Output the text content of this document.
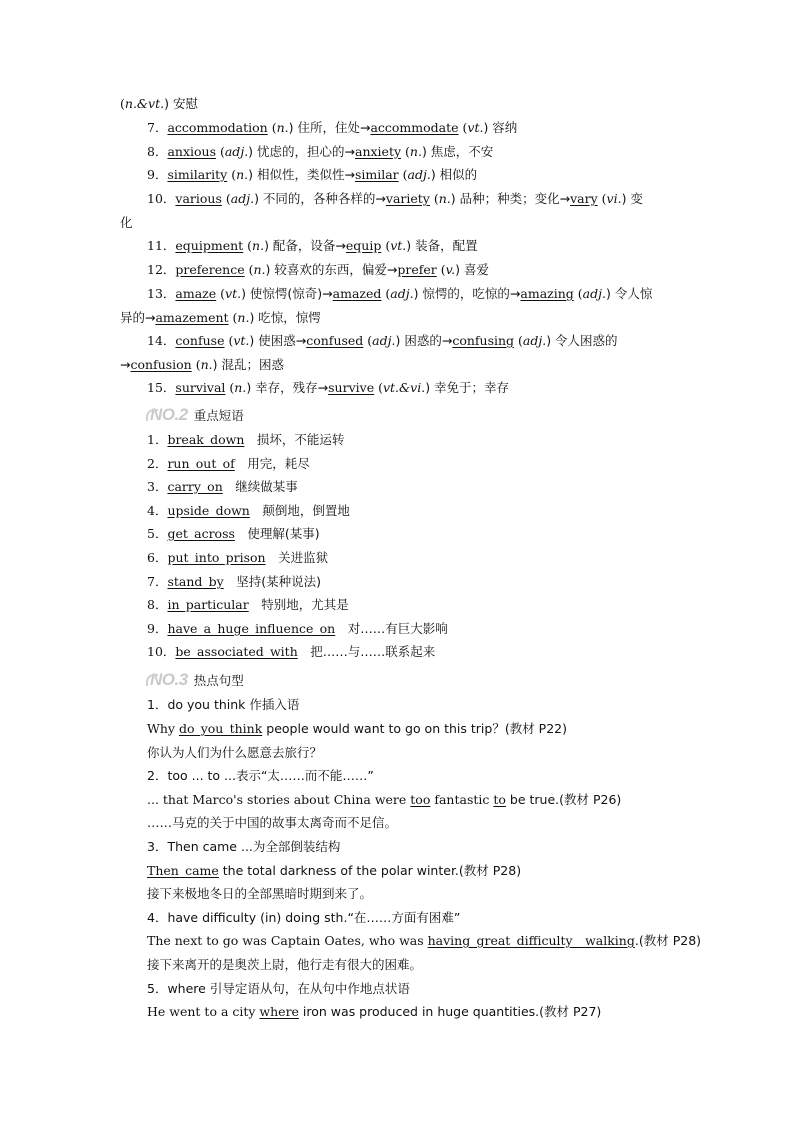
(n.&vt.) 安慰
7．accommodation (n.) 住所，住处→accommodate (vt.) 容纳
8．anxious (adj.) 忧虑的，担心的→anxiety (n.) 焦虑，不安
9．similarity (n.) 相似性，类似性→similar (adj.) 相似的
10．various (adj.) 不同的，各种各样的→variety (n.) 品种；种类；变化→vary (vi.) 变
化
11．equipment (n.) 配备，设备→equip (vt.) 装备，配置
12．preference (n.) 较喜欢的东西，偏爱→prefer (v.) 喜爱
13．amaze (vt.) 使惊愕(惊奇)→amazed (adj.) 惊愕的，吃惊的→amazing (adj.) 令人惊
异的→amazement (n.) 吃惊，惊愕
14．confuse (vt.) 使困惑→confused (adj.) 困惑的→confusing (adj.) 令人困惑的
→confusion (n.) 混乱；困惑
15．survival (n.) 幸存，残存→survive (vt.&vi.) 幸免于；幸存
NO.2 重点短语
1．break_down  损坏，不能运转
2．run_out_of  用完，耗尽
3．carry_on  继续做某事
4．upside_down  颠倒地，倒置地
5．get_across  使理解(某事)
6．put_into_prison  关进监狱
7．stand_by  坚持(某种说法)
8．in_particular  特别地，尤其是
9．have_a_huge_influence_on  对……有巨大影响
10．be_associated_with  把……与……联系起来
NO.3 热点句型
1．do you think 作插入语
Why do_you_think people would want to go on this trip？(教材 P22)
你认为人们为什么愿意去旅行？
2．too ... to ...表示“太……而不能……”
... that Marco's stories about China were too fantastic to be true.(教材 P26)
……马克的关于中国的故事太离奇而不足信。
3．Then came ...为全部倒装结构
Then_came the total darkness of the polar winter.(教材 P28)
接下来极地冬日的全部黑暗时期到来了。
4．have difficulty (in) doing sth.“在……方面有困难”
The next to go was Captain Oates, who was having_great_difficulty__walking.(教材 P28)
接下来离开的是奥茨上尉，他行走有很大的困难。
5．where 引导定语从句，在从句中作地点状语
He went to a city where iron was produced in huge quantities.(教材 P27)
